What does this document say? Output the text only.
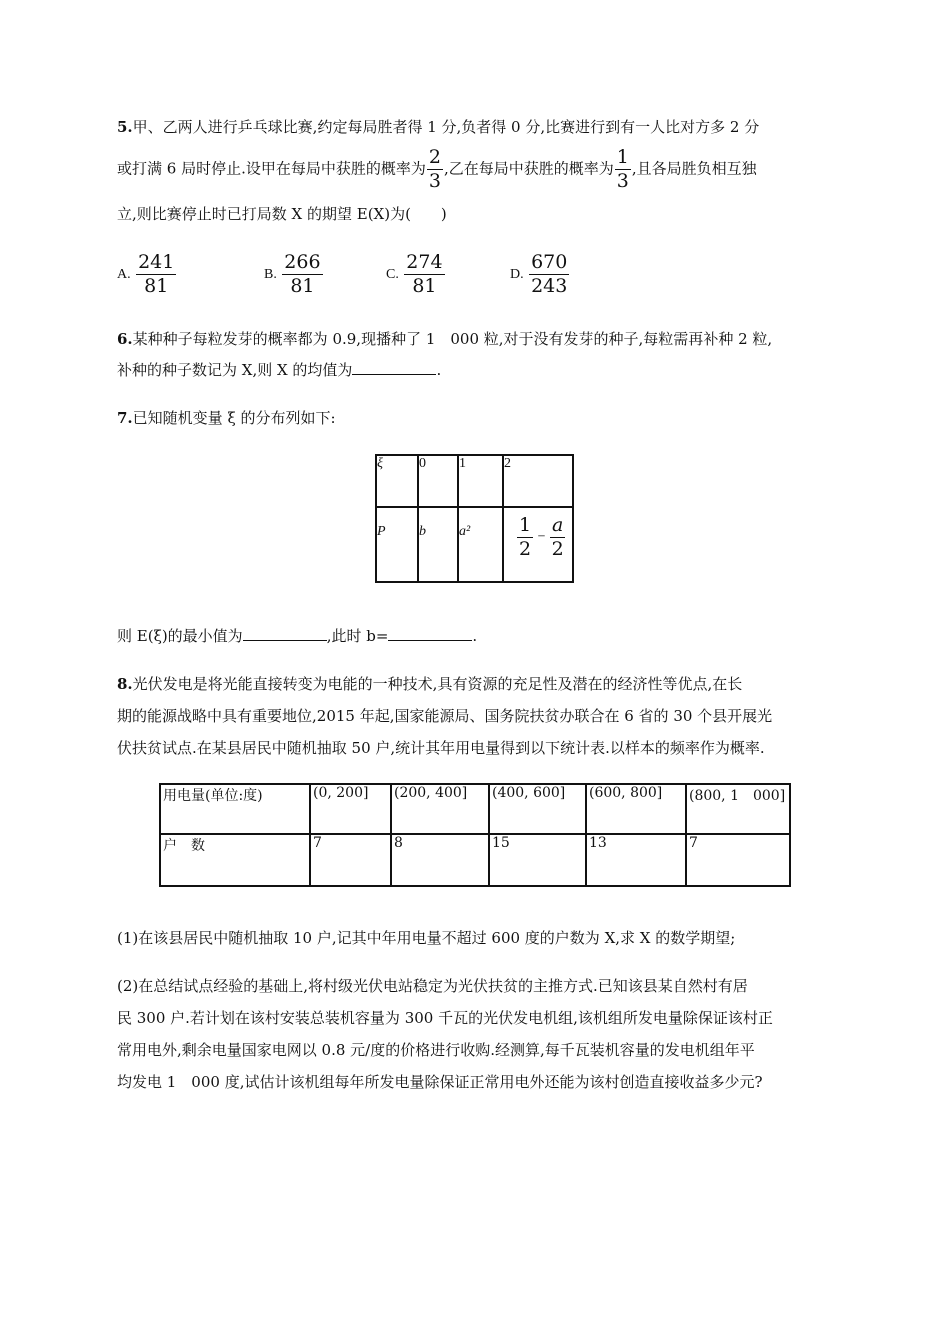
5.甲、乙两人进行乒乓球比赛,约定每局胜者得 1 分,负者得 0 分,比赛进行到有一人比对方多 2 分
或打满 6 局时停止.设甲在每局中获胜的概率为 $\frac{2}{3}$ ,乙在每局中获胜的概率为 $\frac{1}{3}$ ,且各局胜负相互独
立,则比赛停止时已打局数 X 的期望 E(X)为(　　)
A. $\frac{241}{81}$	B. $\frac{266}{81}$	C. $\frac{274}{81}$	D. $\frac{670}{243}$
6.某种种子每粒发芽的概率都为 0.9,现播种了 1　000 粒,对于没有发芽的种子,每粒需再补种 2 粒,
补种的种子数记为 X,则 X 的均值为	.
7.已知随机变量 ξ 的分布列如下:
ξ	0	1	2
P	b	a²	$\frac{1}{2} - \frac{a}{2}$
则 E(ξ)的最小值为	,此时 b=	.
8.光伏发电是将光能直接转变为电能的一种技术,具有资源的充足性及潜在的经济性等优点,在长
期的能源战略中具有重要地位,2015 年起,国家能源局、国务院扶贫办联合在 6 省的 30 个县开展光
伏扶贫试点.在某县居民中随机抽取 50 户,统计其年用电量得到以下统计表.以样本的频率作为概率.
用电量(单位:度)	(0, 200]	(200, 400]	(400, 600]	(600, 800]	(800, 1　000]
户　数	7	8	15	13	7
(1)在该县居民中随机抽取 10 户,记其中年用电量不超过 600 度的户数为 X,求 X 的数学期望;
(2)在总结试点经验的基础上,将村级光伏电站稳定为光伏扶贫的主推方式.已知该县某自然村有居
民 300 户.若计划在该村安装总装机容量为 300 千瓦的光伏发电机组,该机组所发电量除保证该村正
常用电外,剩余电量国家电网以 0.8 元/度的价格进行收购.经测算,每千瓦装机容量的发电机组年平
均发电 1　000 度,试估计该机组每年所发电量除保证正常用电外还能为该村创造直接收益多少元?
